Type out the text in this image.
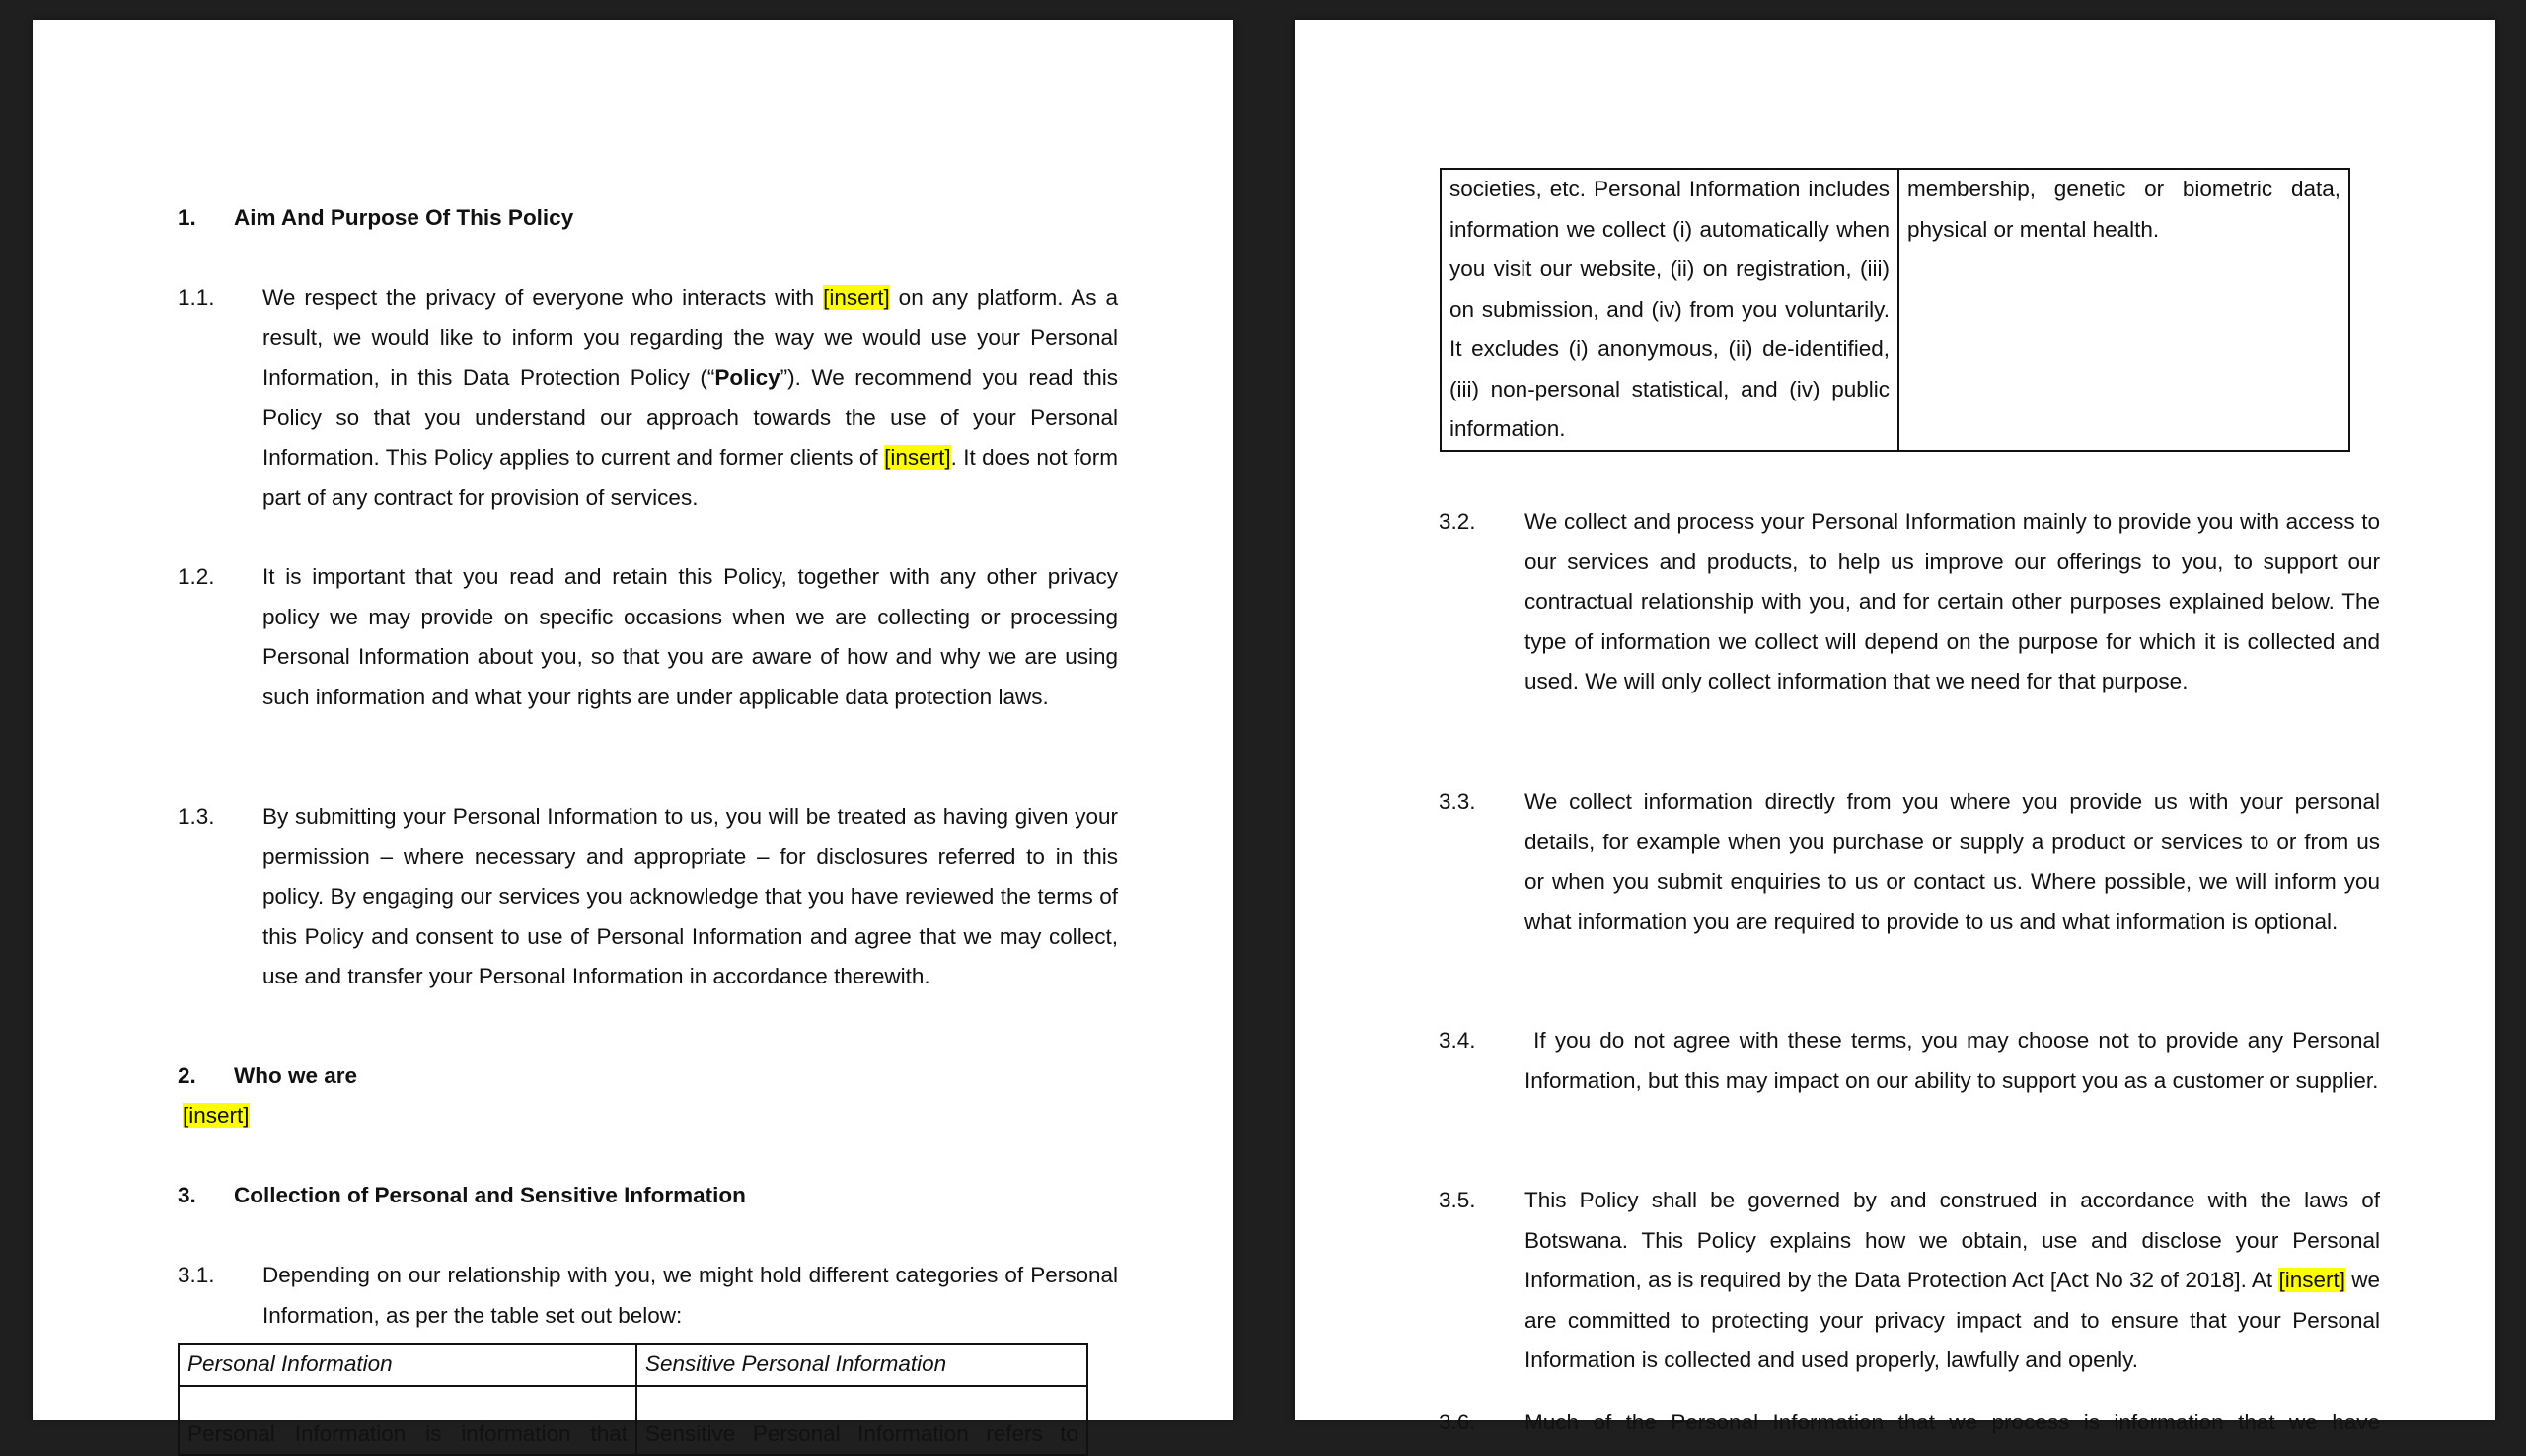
1. Aim And Purpose Of This Policy
1.1. We respect the privacy of everyone who interacts with [insert] on any platform. As a result, we would like to inform you regarding the way we would use your Personal Information, in this Data Protection Policy (“Policy”). We recommend you read this Policy so that you understand our approach towards the use of your Personal Information. This Policy applies to current and former clients of [insert]. It does not form part of any contract for provision of services.

1.2. It is important that you read and retain this Policy, together with any other privacy policy we may provide on specific occasions when we are collecting or processing Personal Information about you, so that you are aware of how and why we are using such information and what your rights are under applicable data protection laws.

1.3. By submitting your Personal Information to us, you will be treated as having given your permission – where necessary and appropriate – for disclosures referred to in this policy. By engaging our services you acknowledge that you have reviewed the terms of this Policy and consent to use of Personal Information and agree that we may collect, use and transfer your Personal Information in accordance therewith.

2. Who we are
[insert]
3. Collection of Personal and Sensitive Information
3.1. Depending on our relationship with you, we might hold different categories of Personal Information, as per the table set out below:

Personal Information	Sensitive Personal Information
Personal Information is information that	Sensitive Personal Information refers to
societies, etc. Personal Information includes information we collect (i) automatically when you visit our website, (ii) on registration, (iii) on submission, and (iv) from you voluntarily. It excludes (i) anonymous, (ii) de-identified, (iii) non-personal statistical, and (iv) public information.	membership, genetic or biometric data, physical or mental health.
3.2. We collect and process your Personal Information mainly to provide you with access to our services and products, to help us improve our offerings to you, to support our contractual relationship with you, and for certain other purposes explained below. The type of information we collect will depend on the purpose for which it is collected and used. We will only collect information that we need for that purpose.

3.3. We collect information directly from you where you provide us with your personal details, for example when you purchase or supply a product or services to or from us or when you submit enquiries to us or contact us. Where possible, we will inform you what information you are required to provide to us and what information is optional.

3.4. If you do not agree with these terms, you may choose not to provide any Personal Information, but this may impact on our ability to support you as a customer or supplier.

3.5. This Policy shall be governed by and construed in accordance with the laws of Botswana. This Policy explains how we obtain, use and disclose your Personal Information, as is required by the Data Protection Act [Act No 32 of 2018]. At [insert] we are committed to protecting your privacy impact and to ensure that your Personal Information is collected and used properly, lawfully and openly.

3.6. Much of the Personal Information that we process is information that we have
